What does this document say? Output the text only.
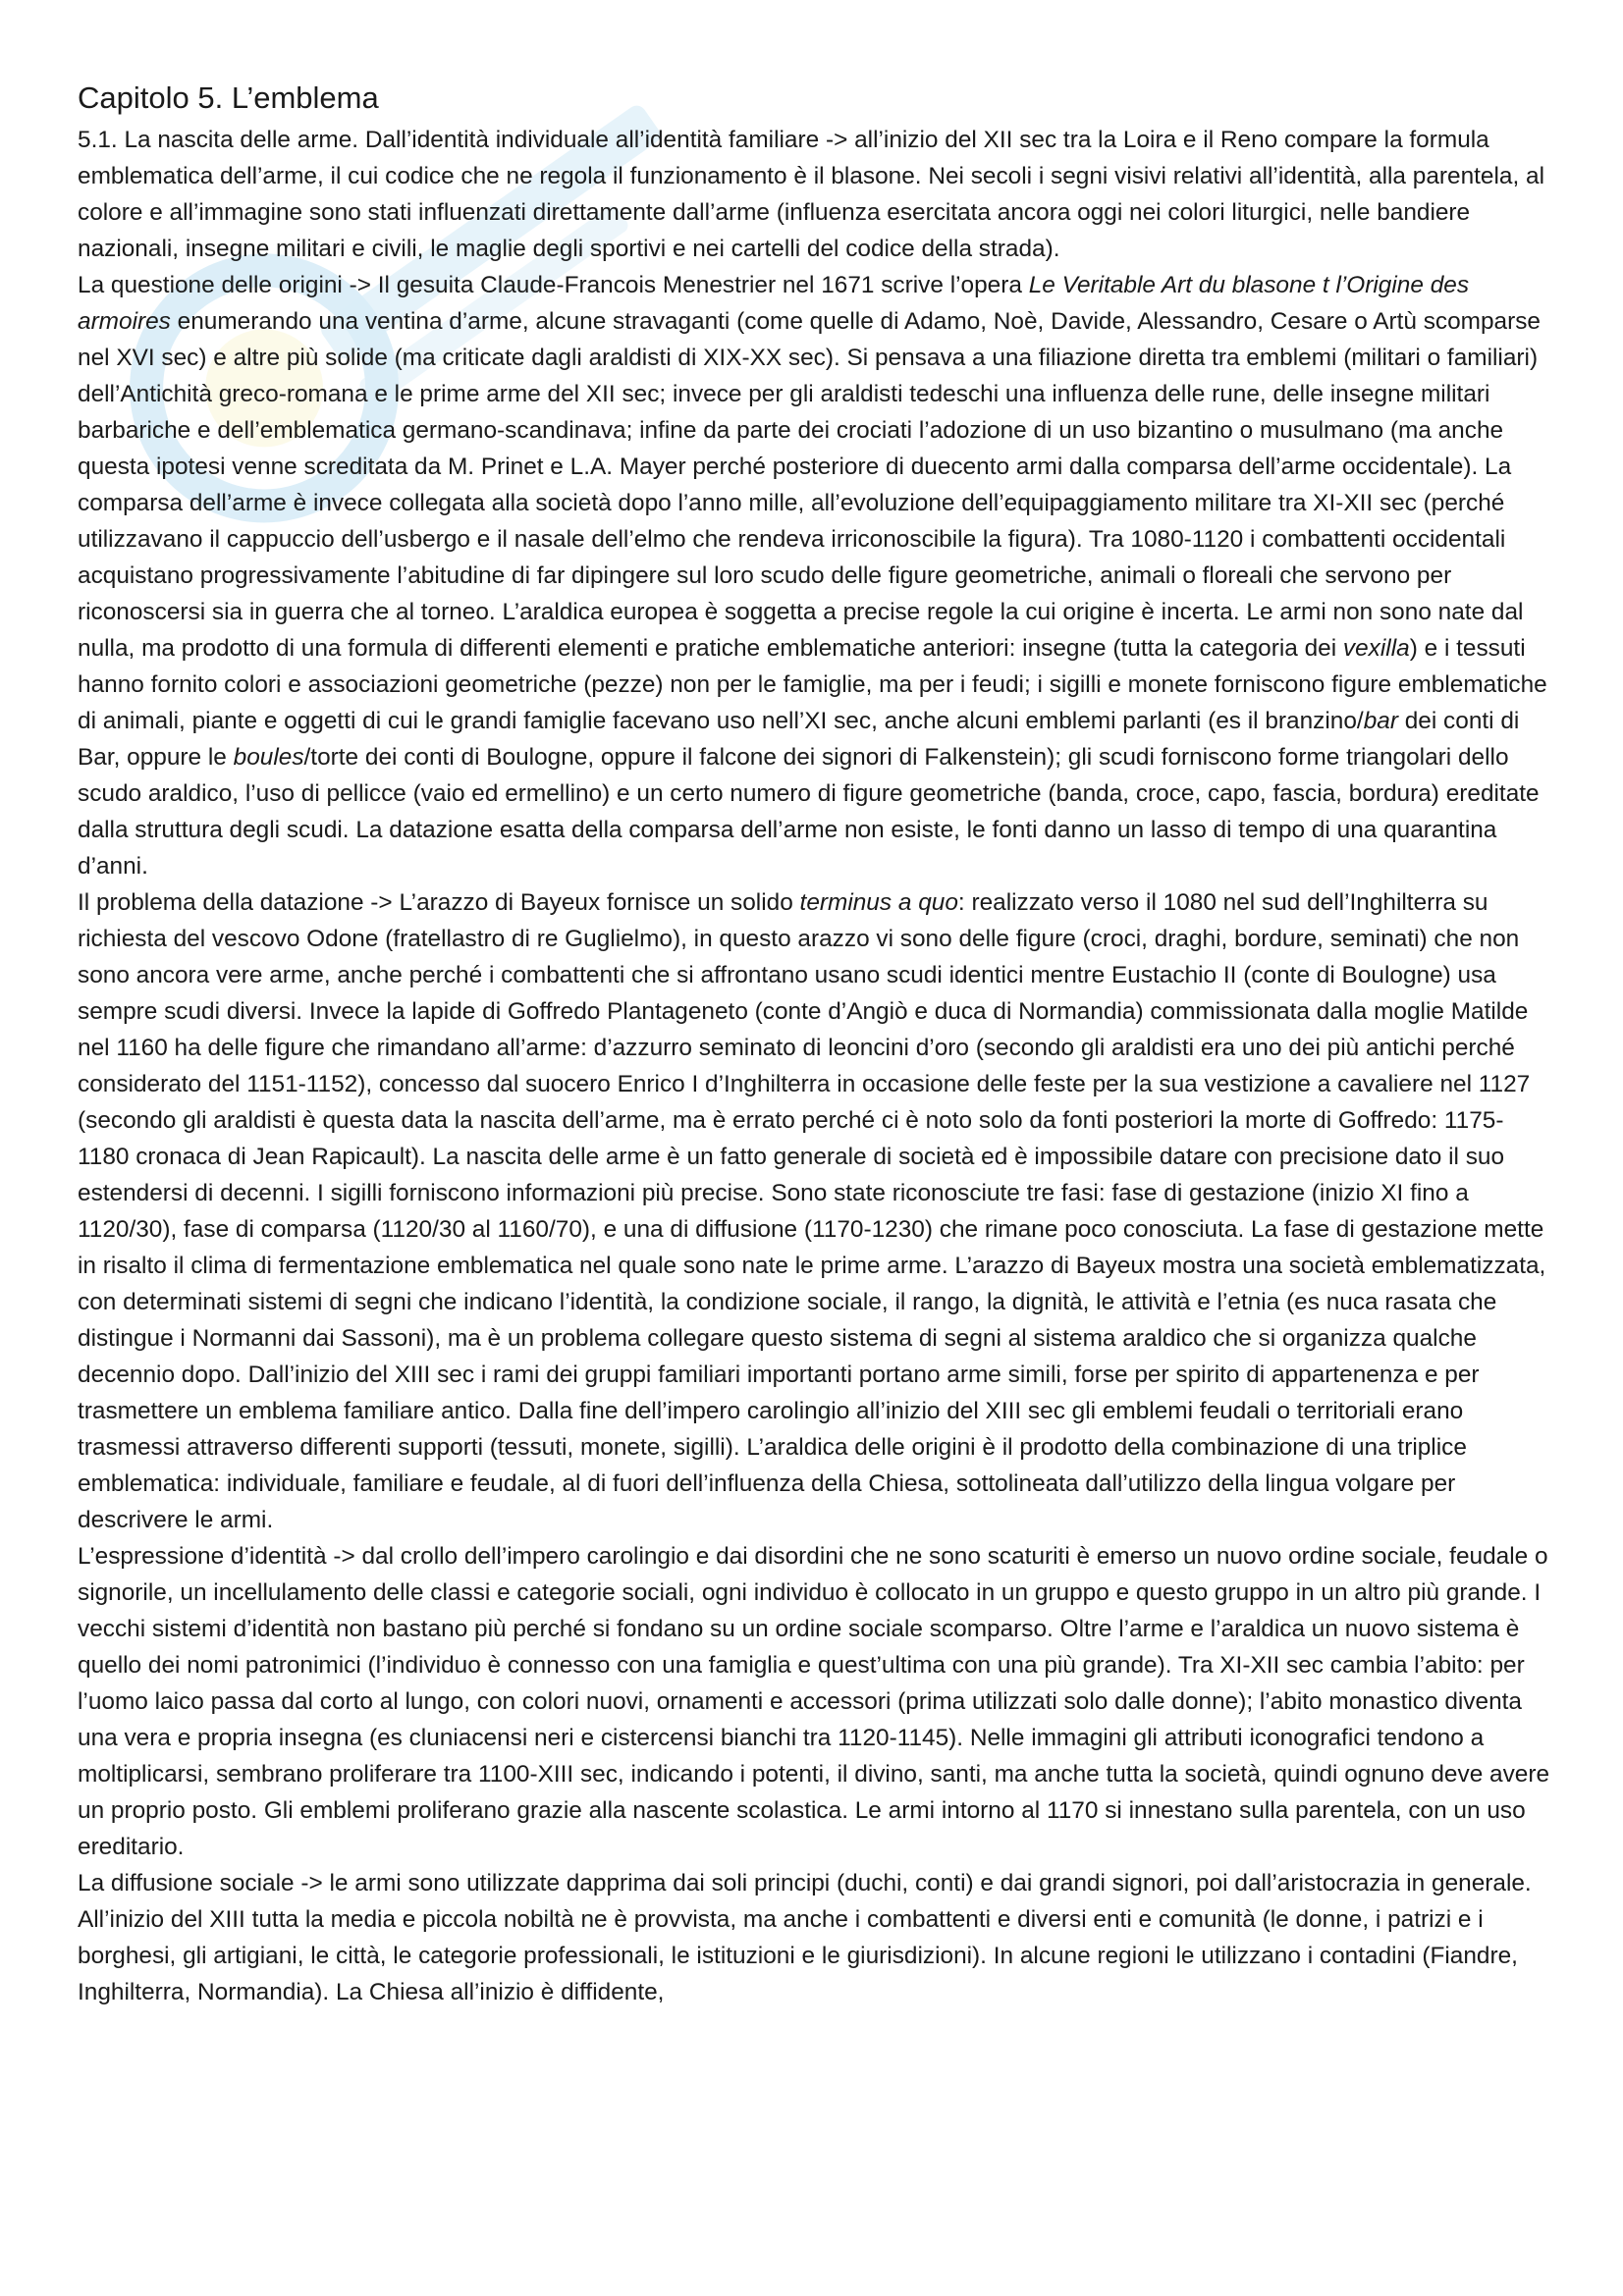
Capitolo 5. L’emblema

5.1. La nascita delle arme. Dall’identità individuale all’identità familiare -> all’inizio del XII sec tra la Loira e il Reno compare la formula emblematica dell’arme, il cui codice che ne regola il funzionamento è il blasone. Nei secoli i segni visivi relativi all’identità, alla parentela, al colore e all’immagine sono stati influenzati direttamente dall’arme (influenza esercitata ancora oggi nei colori liturgici, nelle bandiere nazionali, insegne militari e civili, le maglie degli sportivi e nei cartelli del codice della strada).

La questione delle origini -> Il gesuita Claude-Francois Menestrier nel 1671 scrive l’opera Le Veritable Art du blasone t l’Origine des armoires enumerando una ventina d’arme, alcune stravaganti (come quelle di Adamo, Noè, Davide, Alessandro, Cesare o Artù scomparse nel XVI sec) e altre più solide (ma criticate dagli araldisti di XIX-XX sec). Si pensava a una filiazione diretta tra emblemi (militari o familiari) dell’Antichità greco-romana e le prime arme del XII sec; invece per gli araldisti tedeschi una influenza delle rune, delle insegne militari barbariche e dell’emblematica germano-scandinava; infine da parte dei crociati l’adozione di un uso bizantino o musulmano (ma anche questa ipotesi venne screditata da M. Prinet e L.A. Mayer perché posteriore di duecento armi dalla comparsa dell’arme occidentale). La comparsa dell’arme è invece collegata alla società dopo l’anno mille, all’evoluzione dell’equipaggiamento militare tra XI-XII sec (perché utilizzavano il cappuccio dell’usbergo e il nasale dell’elmo che rendeva irriconoscibile la figura). Tra 1080-1120 i combattenti occidentali acquistano progressivamente l’abitudine di far dipingere sul loro scudo delle figure geometriche, animali o floreali che servono per riconoscersi sia in guerra che al torneo. L’araldica europea è soggetta a precise regole la cui origine è incerta. Le armi non sono nate dal nulla, ma prodotto di una formula di differenti elementi e pratiche emblematiche anteriori: insegne (tutta la categoria dei vexilla) e i tessuti hanno fornito colori e associazioni geometriche (pezze) non per le famiglie, ma per i feudi; i sigilli e monete forniscono figure emblematiche di animali, piante e oggetti di cui le grandi famiglie facevano uso nell’XI sec, anche alcuni emblemi parlanti (es il branzino/bar dei conti di Bar, oppure le boules/torte dei conti di Boulogne, oppure il falcone dei signori di Falkenstein); gli scudi forniscono forme triangolari dello scudo araldico, l’uso di pellicce (vaio ed ermellino) e un certo numero di figure geometriche (banda, croce, capo, fascia, bordura) ereditate dalla struttura degli scudi. La datazione esatta della comparsa dell’arme non esiste, le fonti danno un lasso di tempo di una quarantina d’anni.

Il problema della datazione -> L’arazzo di Bayeux fornisce un solido terminus a quo: realizzato verso il 1080 nel sud dell’Inghilterra su richiesta del vescovo Odone (fratellastro di re Guglielmo), in questo arazzo vi sono delle figure (croci, draghi, bordure, seminati) che non sono ancora vere arme, anche perché i combattenti che si affrontano usano scudi identici mentre Eustachio II (conte di Boulogne) usa sempre scudi diversi. Invece la lapide di Goffredo Plantageneto (conte d’Angiò e duca di Normandia) commissionata dalla moglie Matilde nel 1160 ha delle figure che rimandano all’arme: d’azzurro seminato di leoncini d’oro (secondo gli araldisti era uno dei più antichi perché considerato del 1151-1152), concesso dal suocero Enrico I d’Inghilterra in occasione delle feste per la sua vestizione a cavaliere nel 1127 (secondo gli araldisti è questa data la nascita dell’arme, ma è errato perché ci è noto solo da fonti posteriori la morte di Goffredo: 1175-1180 cronaca di Jean Rapicault). La nascita delle arme è un fatto generale di società ed è impossibile datare con precisione dato il suo estendersi di decenni. I sigilli forniscono informazioni più precise. Sono state riconosciute tre fasi: fase di gestazione (inizio XI fino a 1120/30), fase di comparsa (1120/30 al 1160/70), e una di diffusione (1170-1230) che rimane poco conosciuta. La fase di gestazione mette in risalto il clima di fermentazione emblematica nel quale sono nate le prime arme. L’arazzo di Bayeux mostra una società emblematizzata, con determinati sistemi di segni che indicano l’identità, la condizione sociale, il rango, la dignità, le attività e l’etnia (es nuca rasata che distingue i Normanni dai Sassoni), ma è un problema collegare questo sistema di segni al sistema araldico che si organizza qualche decennio dopo. Dall’inizio del XIII sec i rami dei gruppi familiari importanti portano arme simili, forse per spirito di appartenenza e per trasmettere un emblema familiare antico. Dalla fine dell’impero carolingio all’inizio del XIII sec gli emblemi feudali o territoriali erano trasmessi attraverso differenti supporti (tessuti, monete, sigilli). L’araldica delle origini è il prodotto della combinazione di una triplice emblematica: individuale, familiare e feudale, al di fuori dell’influenza della Chiesa, sottolineata dall’utilizzo della lingua volgare per descrivere le armi.

L’espressione d’identità -> dal crollo dell’impero carolingio e dai disordini che ne sono scaturiti è emerso un nuovo ordine sociale, feudale o signorile, un incellulamento delle classi e categorie sociali, ogni individuo è collocato in un gruppo e questo gruppo in un altro più grande. I vecchi sistemi d’identità non bastano più perché si fondano su un ordine sociale scomparso. Oltre l’arme e l’araldica un nuovo sistema è quello dei nomi patronimici (l’individuo è connesso con una famiglia e quest’ultima con una più grande). Tra XI-XII sec cambia l’abito: per l’uomo laico passa dal corto al lungo, con colori nuovi, ornamenti e accessori (prima utilizzati solo dalle donne); l’abito monastico diventa una vera e propria insegna (es cluniacensi neri e cistercensi bianchi tra 1120-1145). Nelle immagini gli attributi iconografici tendono a moltiplicarsi, sembrano proliferare tra 1100-XIII sec, indicando i potenti, il divino, santi, ma anche tutta la società, quindi ognuno deve avere un proprio posto. Gli emblemi proliferano grazie alla nascente scolastica. Le armi intorno al 1170 si innestano sulla parentela, con un uso ereditario.

La diffusione sociale -> le armi sono utilizzate dapprima dai soli principi (duchi, conti) e dai grandi signori, poi dall’aristocrazia in generale. All’inizio del XIII tutta la media e piccola nobiltà ne è provvista, ma anche i combattenti e diversi enti e comunità (le donne, i patrizi e i borghesi, gli artigiani, le città, le categorie professionali, le istituzioni e le giurisdizioni). In alcune regioni le utilizzano i contadini (Fiandre, Inghilterra, Normandia). La Chiesa all’inizio è diffidente,
